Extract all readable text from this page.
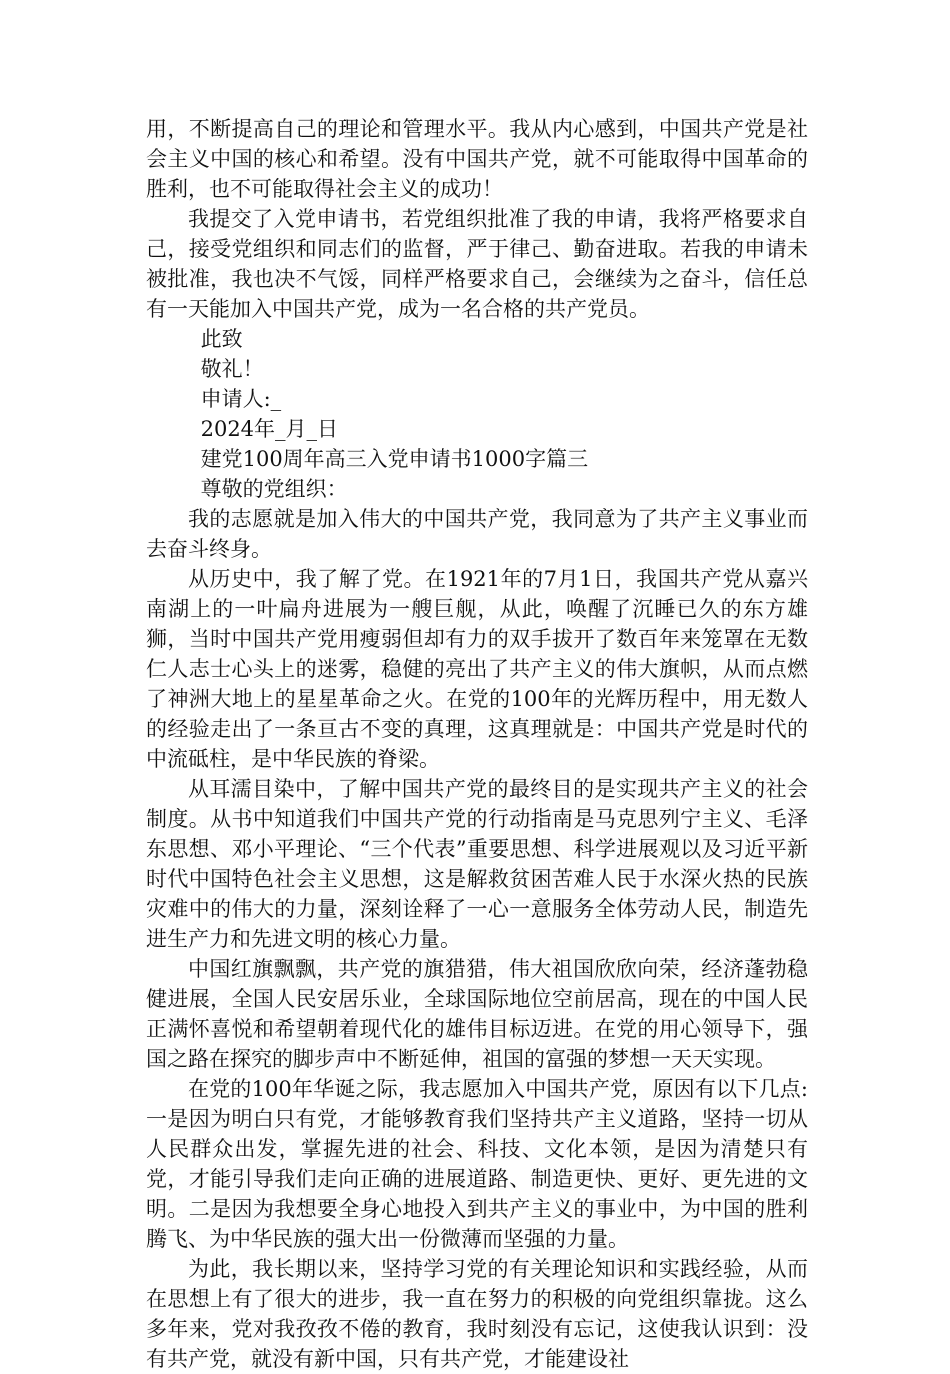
用，不断提高自己的理论和管理水平。我从内心感到，中国共产党是社会主义中国的核心和希望。没有中国共产党，就不可能取得中国革命的胜利，也不可能取得社会主义的成功！

我提交了入党申请书，若党组织批准了我的申请，我将严格要求自己，接受党组织和同志们的监督，严于律己、勤奋进取。若我的申请未被批准，我也决不气馁，同样严格要求自己，会继续为之奋斗，信任总有一天能加入中国共产党，成为一名合格的共产党员。

此致

敬礼！

申请人:_

2024年_月_日

建党100周年高三入党申请书1000字篇三

尊敬的党组织：

我的志愿就是加入伟大的中国共产党，我同意为了共产主义事业而去奋斗终身。

从历史中，我了解了党。在1921年的7月1日，我国共产党从嘉兴南湖上的一叶扁舟进展为一艘巨舰，从此，唤醒了沉睡已久的东方雄狮，当时中国共产党用瘦弱但却有力的双手拔开了数百年来笼罩在无数仁人志士心头上的迷雾，稳健的亮出了共产主义的伟大旗帜，从而点燃了神洲大地上的星星革命之火。在党的100年的光辉历程中，用无数人的经验走出了一条亘古不变的真理，这真理就是：中国共产党是时代的中流砥柱，是中华民族的脊梁。

从耳濡目染中，了解中国共产党的最终目的是实现共产主义的社会制度。从书中知道我们中国共产党的行动指南是马克思列宁主义、毛泽东思想、邓小平理论、“三个代表”重要思想、科学进展观以及习近平新时代中国特色社会主义思想，这是解救贫困苦难人民于水深火热的民族灾难中的伟大的力量，深刻诠释了一心一意服务全体劳动人民，制造先进生产力和先进文明的核心力量。

中国红旗飘飘，共产党的旗猎猎，伟大祖国欣欣向荣，经济蓬勃稳健进展，全国人民安居乐业，全球国际地位空前居高，现在的中国人民正满怀喜悦和希望朝着现代化的雄伟目标迈进。在党的用心领导下，强国之路在探究的脚步声中不断延伸，祖国的富强的梦想一天天实现。

在党的100年华诞之际，我志愿加入中国共产党，原因有以下几点:一是因为明白只有党，才能够教育我们坚持共产主义道路，坚持一切从人民群众出发，掌握先进的社会、科技、文化本领，是因为清楚只有党，才能引导我们走向正确的进展道路、制造更快、更好、更先进的文明。二是因为我想要全身心地投入到共产主义的事业中，为中国的胜利腾飞、为中华民族的强大出一份微薄而坚强的力量。

为此，我长期以来，坚持学习党的有关理论知识和实践经验，从而在思想上有了很大的进步，我一直在努力的积极的向党组织靠拢。这么多年来，党对我孜孜不倦的教育，我时刻没有忘记，这使我认识到：没有共产党，就没有新中国，只有共产党，才能建设社
